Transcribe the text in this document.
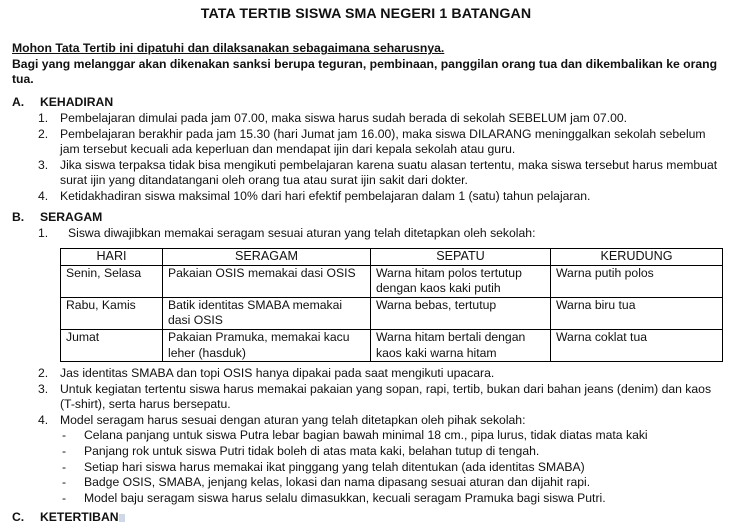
TATA TERTIB SISWA SMA NEGERI 1 BATANGAN
Mohon Tata Tertib ini dipatuhi dan dilaksanakan sebagaimana seharusnya.
Bagi yang melanggar akan dikenakan sanksi berupa teguran, pembinaan, panggilan orang tua dan dikembalikan ke orang tua.
A. KEHADIRAN
1. Pembelajaran dimulai pada jam 07.00, maka siswa harus sudah berada di sekolah SEBELUM jam 07.00.
2. Pembelajaran berakhir pada jam 15.30 (hari Jumat jam 16.00), maka siswa DILARANG meninggalkan sekolah sebelum jam tersebut kecuali ada keperluan dan mendapat ijin dari kepala sekolah atau guru.
3. Jika siswa terpaksa tidak bisa mengikuti pembelajaran karena suatu alasan tertentu, maka siswa tersebut harus membuat surat ijin yang ditandatangani oleh orang tua atau surat ijin sakit dari dokter.
4. Ketidakhadiran siswa maksimal 10% dari hari efektif pembelajaran dalam 1 (satu) tahun pelajaran.
B. SERAGAM
1. Siswa diwajibkan memakai seragam sesuai aturan yang telah ditetapkan oleh sekolah:
HARI	SERAGAM	SEPATU	KERUDUNG
Senin, Selasa	Pakaian OSIS memakai dasi OSIS	Warna hitam polos tertutup dengan kaos kaki putih	Warna putih polos
Rabu, Kamis	Batik identitas SMABA memakai dasi OSIS	Warna bebas, tertutup	Warna biru tua
Jumat	Pakaian Pramuka, memakai kacu leher (hasduk)	Warna hitam bertali dengan kaos kaki warna hitam	Warna coklat tua
2. Jas identitas SMABA dan topi OSIS hanya dipakai pada saat mengikuti upacara.
3. Untuk kegiatan tertentu siswa harus memakai pakaian yang sopan, rapi, tertib, bukan dari bahan jeans (denim) dan kaos (T-shirt), serta harus bersepatu.
4. Model seragam harus sesuai dengan aturan yang telah ditetapkan oleh pihak sekolah:
- Celana panjang untuk siswa Putra lebar bagian bawah minimal 18 cm., pipa lurus, tidak diatas mata kaki
- Panjang rok untuk siswa Putri tidak boleh di atas mata kaki, belahan tutup di tengah.
- Setiap hari siswa harus memakai ikat pinggang yang telah ditentukan (ada identitas SMABA)
- Badge OSIS, SMABA, jenjang kelas, lokasi dan nama dipasang sesuai aturan dan dijahit rapi.
- Model baju seragam siswa harus selalu dimasukkan, kecuali seragam Pramuka bagi siswa Putri.
C. KETERTIBAN
